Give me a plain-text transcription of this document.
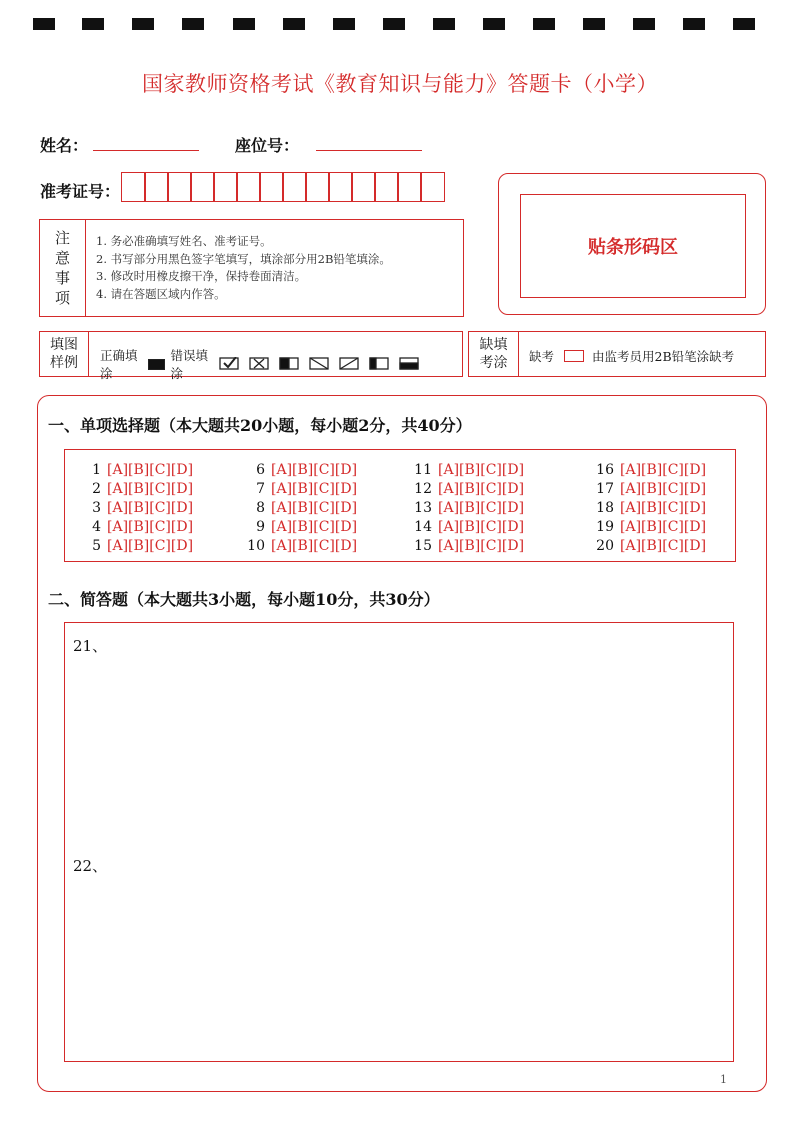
国家教师资格考试《教育知识与能力》答题卡（小学）
姓名：	座位号：
准考证号：
贴条形码区
注
意
事
项
1. 务必准确填写姓名、准考证号。
2. 书写部分用黑色签字笔填写，填涂部分用2B铅笔填涂。
3. 修改时用橡皮擦干净，保持卷面清洁。
4. 请在答题区域内作答。
填图
样例 正确填涂
错误填涂
缺填
考涂 缺考	由监考员用2B铅笔涂缺考
一、单项选择题（本大题共20小题，每小题2分，共40分）
1 [A][B][C][D]
2 [A][B][C][D]
3 [A][B][C][D]
4 [A][B][C][D]
5 [A][B][C][D]
6 [A][B][C][D]
7 [A][B][C][D]
8 [A][B][C][D]
9 [A][B][C][D]
10 [A][B][C][D]
11 [A][B][C][D]
12 [A][B][C][D]
13 [A][B][C][D]
14 [A][B][C][D]
15 [A][B][C][D]
16 [A][B][C][D]
17 [A][B][C][D]
18 [A][B][C][D]
19 [A][B][C][D]
20 [A][B][C][D]
二、简答题（本大题共3小题，每小题10分，共30分）
21、
22、
1
